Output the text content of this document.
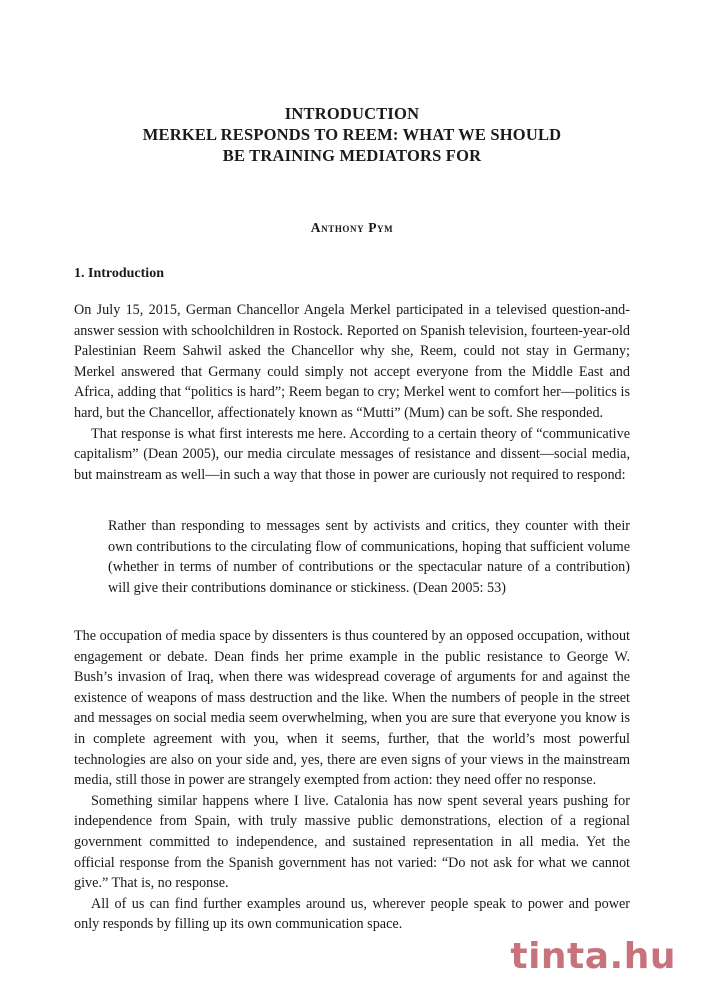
INTRODUCTION
MERKEL RESPONDS TO REEM: WHAT WE SHOULD
BE TRAINING MEDIATORS FOR
Anthony Pym
1. Introduction

On July 15, 2015, German Chancellor Angela Merkel participated in a televised question-and-answer session with schoolchildren in Rostock. Reported on Spanish television, fourteen-year-old Palestinian Reem Sahwil asked the Chancellor why she, Reem, could not stay in Germany; Merkel answered that Germany could simply not accept everyone from the Middle East and Africa, adding that “politics is hard”; Reem began to cry; Merkel went to comfort her—politics is hard, but the Chancellor, affectionately known as “Mutti” (Mum) can be soft. She responded.

That response is what first interests me here. According to a certain theory of “communicative capitalism” (Dean 2005), our media circulate messages of resistance and dissent—social media, but mainstream as well—in such a way that those in power are curiously not required to respond:

Rather than responding to messages sent by activists and critics, they counter with their own contributions to the circulating flow of communications, hoping that sufficient volume (whether in terms of number of contributions or the spectacular nature of a contribution) will give their contributions dominance or stickiness. (Dean 2005: 53)

The occupation of media space by dissenters is thus countered by an opposed occupation, without engagement or debate. Dean finds her prime example in the public resistance to George W. Bush’s invasion of Iraq, when there was widespread coverage of arguments for and against the existence of weapons of mass destruction and the like. When the numbers of people in the street and messages on social media seem overwhelming, when you are sure that everyone you know is in complete agreement with you, when it seems, further, that the world’s most powerful technologies are also on your side and, yes, there are even signs of your views in the mainstream media, still those in power are strangely exempted from action: they need offer no response.

Something similar happens where I live. Catalonia has now spent several years pushing for independence from Spain, with truly massive public demonstrations, election of a regional government committed to independence, and sustained representation in all media. Yet the official response from the Spanish government has not varied: “Do not ask for what we cannot give.” That is, no response.

All of us can find further examples around us, wherever people speak to power and power only responds by filling up its own communication space.

tinta.hu
